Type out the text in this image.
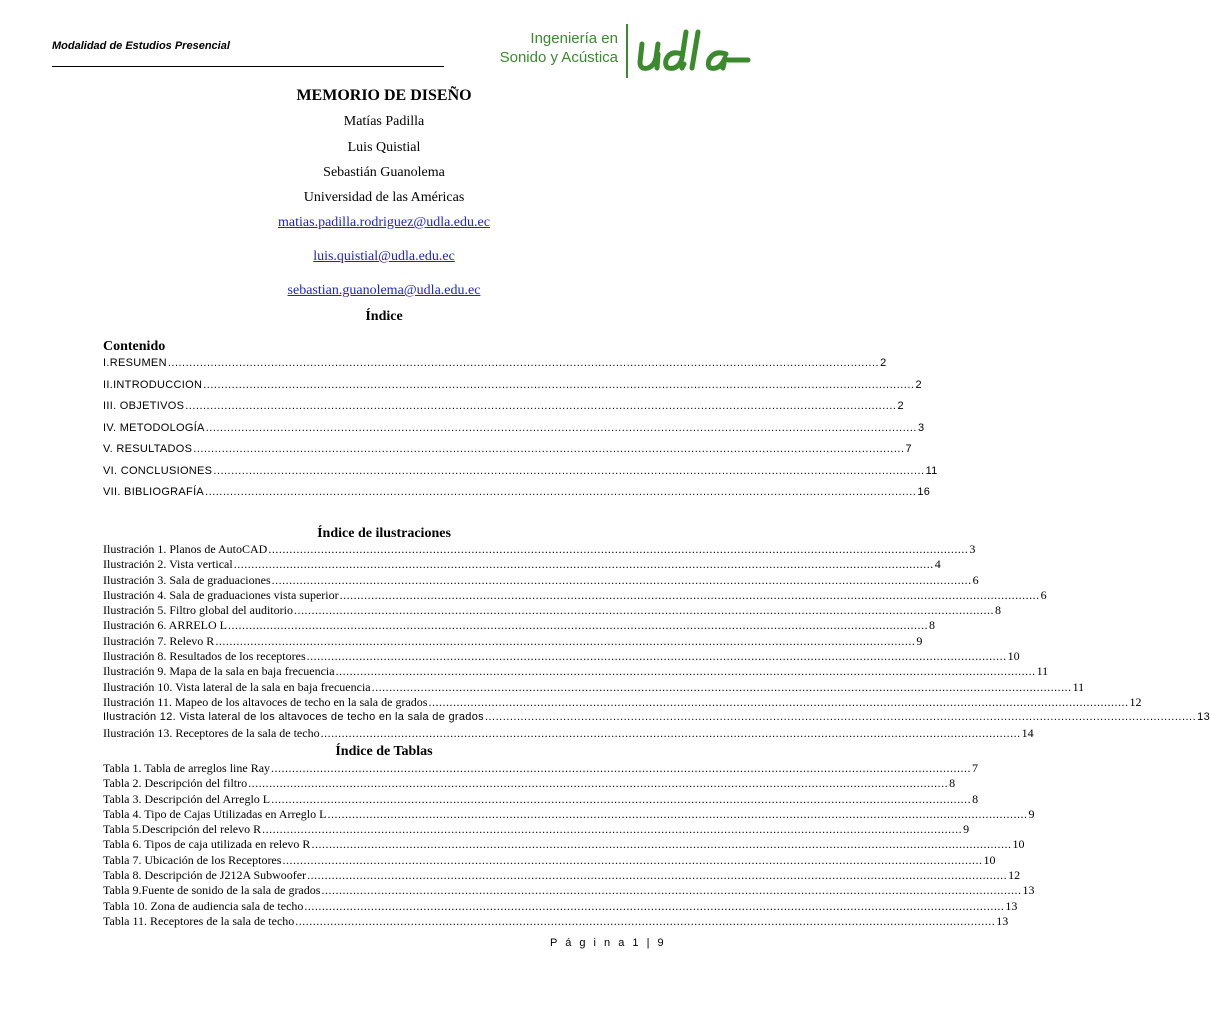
Modalidad de Estudios Presencial	Ingeniería en
Sonido y Acústica
MEMORIO DE DISEÑO
Matías Padilla
Luis Quistial
Sebastián Guanolema
Universidad de las Américas
matias.padilla.rodriguez@udla.edu.ec
luis.quistial@udla.edu.ec
sebastian.guanolema@udla.edu.ec
Índice
Contenido
I.RESUMEN ........................................................................................................................................................................................................ 2
II.INTRODUCCION ........................................................................................................................................................................................................ 2
III. OBJETIVOS ........................................................................................................................................................................................................ 2
IV. METODOLOGÍA ........................................................................................................................................................................................................ 3
V. RESULTADOS ........................................................................................................................................................................................................ 7
VI. CONCLUSIONES ........................................................................................................................................................................................................ 11
VII. BIBLIOGRAFÍA ........................................................................................................................................................................................................ 16
Índice de ilustraciones
Ilustración 1. Planos de AutoCAD ........................................................................................................................................................................................................ 3
Ilustración 2. Vista vertical ........................................................................................................................................................................................................ 4
Ilustración 3. Sala de graduaciones ........................................................................................................................................................................................................ 6
Ilustración 4. Sala de graduaciones vista superior ........................................................................................................................................................................................................ 6
Ilustración 5. Filtro global del auditorio ........................................................................................................................................................................................................ 8
Ilustración 6. ARRELO L ........................................................................................................................................................................................................ 8
Ilustración 7. Relevo R ........................................................................................................................................................................................................ 9
Ilustración 8. Resultados de los receptores ........................................................................................................................................................................................................ 10
Ilustración 9. Mapa de la sala en baja frecuencia ........................................................................................................................................................................................................ 11
Ilustración 10. Vista lateral de la sala en baja frecuencia ........................................................................................................................................................................................................ 11
Ilustración 11. Mapeo de los altavoces de techo en la sala de grados ........................................................................................................................................................................................................ 12
Ilustración 12. Vista lateral de los altavoces de techo en la sala de grados ........................................................................................................................................................................................................ 13
Ilustración 13. Receptores de la sala de techo ........................................................................................................................................................................................................ 14
Índice de Tablas
Tabla 1. Tabla de arreglos line Ray ........................................................................................................................................................................................................ 7
Tabla 2. Descripción del filtro ........................................................................................................................................................................................................ 8
Tabla 3. Descripción del Arreglo L ........................................................................................................................................................................................................ 8
Tabla 4. Tipo de Cajas Utilizadas en Arreglo L ........................................................................................................................................................................................................ 9
Tabla 5.Descripción del relevo R ........................................................................................................................................................................................................ 9
Tabla 6. Tipos de caja utilizada en relevo R ........................................................................................................................................................................................................ 10
Tabla 7. Ubicación de los Receptores ........................................................................................................................................................................................................ 10
Tabla 8. Descripción de J212A Subwoofer ........................................................................................................................................................................................................ 12
Tabla 9.Fuente de sonido de la sala de grados ........................................................................................................................................................................................................ 13
Tabla 10. Zona de audiencia sala de techo ........................................................................................................................................................................................................ 13
Tabla 11. Receptores de la sala de techo ........................................................................................................................................................................................................ 13
P á g i n a 1 | 9
